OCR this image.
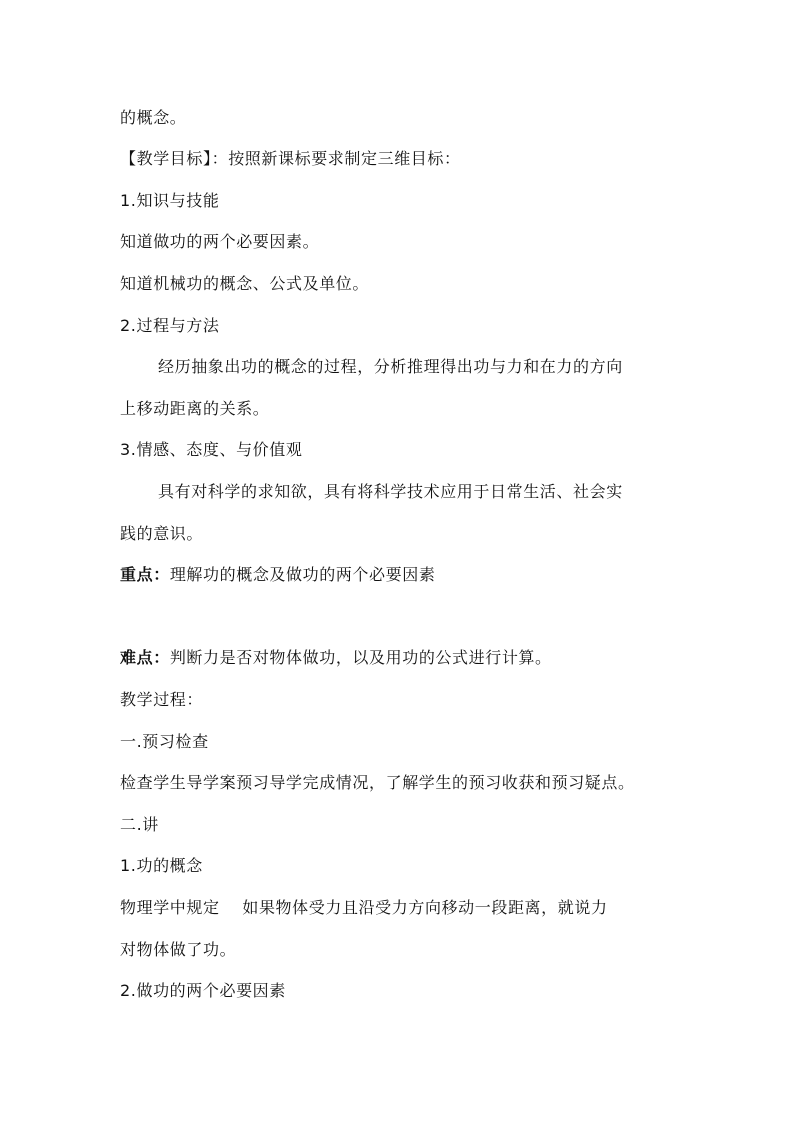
的概念。
【教学目标】：按照新课标要求制定三维目标：
1.知识与技能
知道做功的两个必要因素。
知道机械功的概念、公式及单位。
2.过程与方法
经历抽象出功的概念的过程，分析推理得出功与力和在力的方向
上移动距离的关系。
3.情感、态度、与价值观
具有对科学的求知欲，具有将科学技术应用于日常生活、社会实
践的意识。
重点：理解功的概念及做功的两个必要因素
难点：判断力是否对物体做功，以及用功的公式进行计算。
教学过程：
一.预习检查
检查学生导学案预习导学完成情况，了解学生的预习收获和预习疑点。
二.讲
1.功的概念
物理学中规定    如果物体受力且沿受力方向移动一段距离，就说力
对物体做了功。
2.做功的两个必要因素
